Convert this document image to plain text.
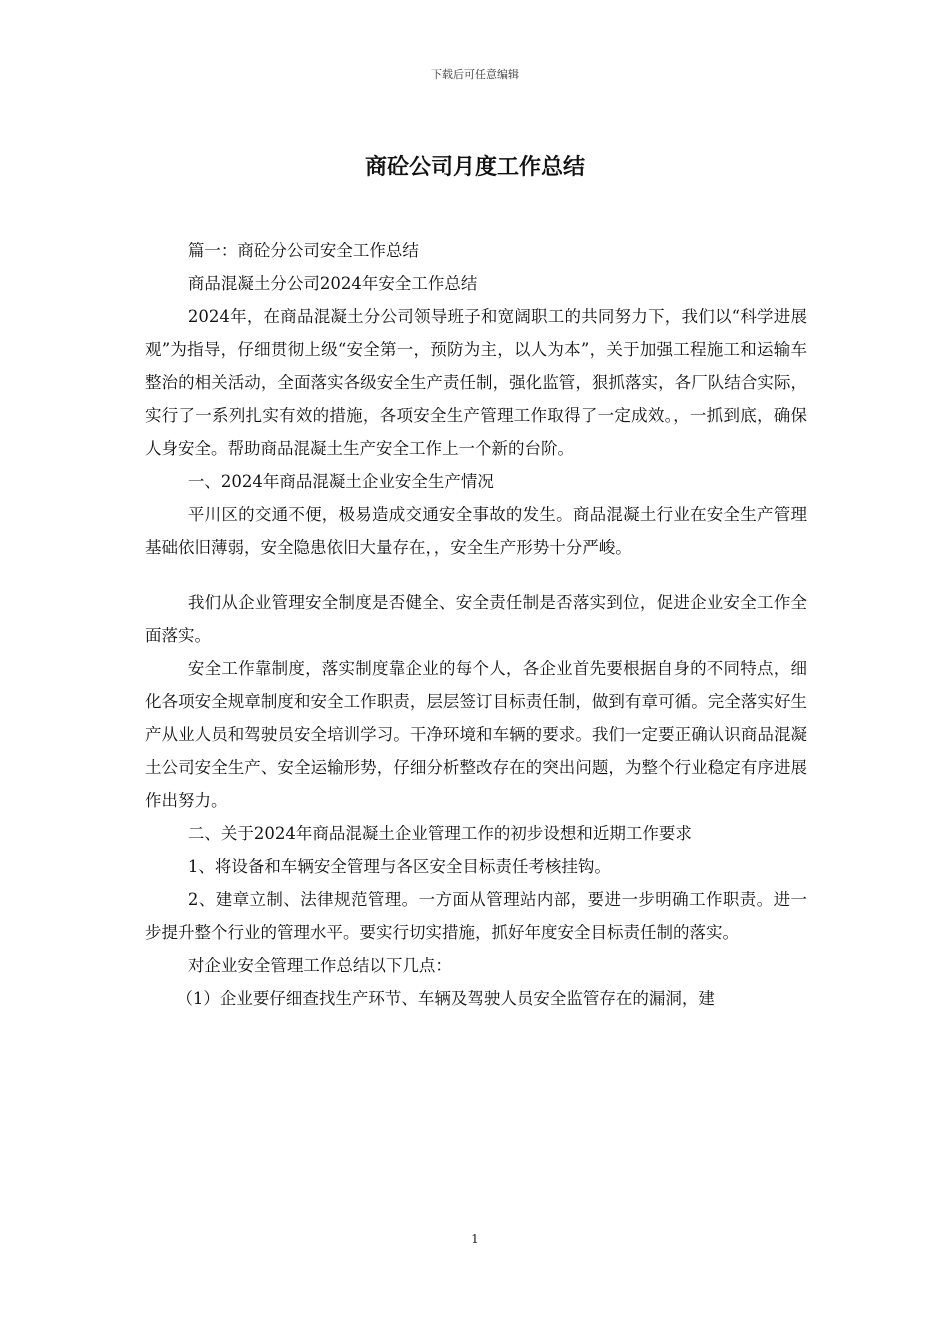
下载后可任意编辑
商砼公司月度工作总结

篇一：商砼分公司安全工作总结

商品混凝土分公司2024年安全工作总结

2024年，在商品混凝土分公司领导班子和宽阔职工的共同努力下，我们以“科学进展观”为指导，仔细贯彻上级“安全第一，预防为主，以人为本”，关于加强工程施工和运输车整治的相关活动，全面落实各级安全生产责任制，强化监管，狠抓落实，各厂队结合实际，实行了一系列扎实有效的措施，各项安全生产管理工作取得了一定成效。，一抓到底，确保人身安全。帮助商品混凝土生产安全工作上一个新的台阶。

一、2024年商品混凝土企业安全生产情况

平川区的交通不便，极易造成交通安全事故的发生。商品混凝土行业在安全生产管理基础依旧薄弱，安全隐患依旧大量存在，，安全生产形势十分严峻。

我们从企业管理安全制度是否健全、安全责任制是否落实到位，促进企业安全工作全面落实。

安全工作靠制度，落实制度靠企业的每个人，各企业首先要根据自身的不同特点，细化各项安全规章制度和安全工作职责，层层签订目标责任制，做到有章可循。完全落实好生产从业人员和驾驶员安全培训学习。干净环境和车辆的要求。我们一定要正确认识商品混凝土公司安全生产、安全运输形势，仔细分析整改存在的突出问题，为整个行业稳定有序进展作出努力。

二、关于2024年商品混凝土企业管理工作的初步设想和近期工作要求

1、将设备和车辆安全管理与各区安全目标责任考核挂钩。

2、建章立制、法律规范管理。一方面从管理站内部，要进一步明确工作职责。进一步提升整个行业的管理水平。要实行切实措施，抓好年度安全目标责任制的落实。

对企业安全管理工作总结以下几点：

（1）企业要仔细查找生产环节、车辆及驾驶人员安全监管存在的漏洞，建

1
